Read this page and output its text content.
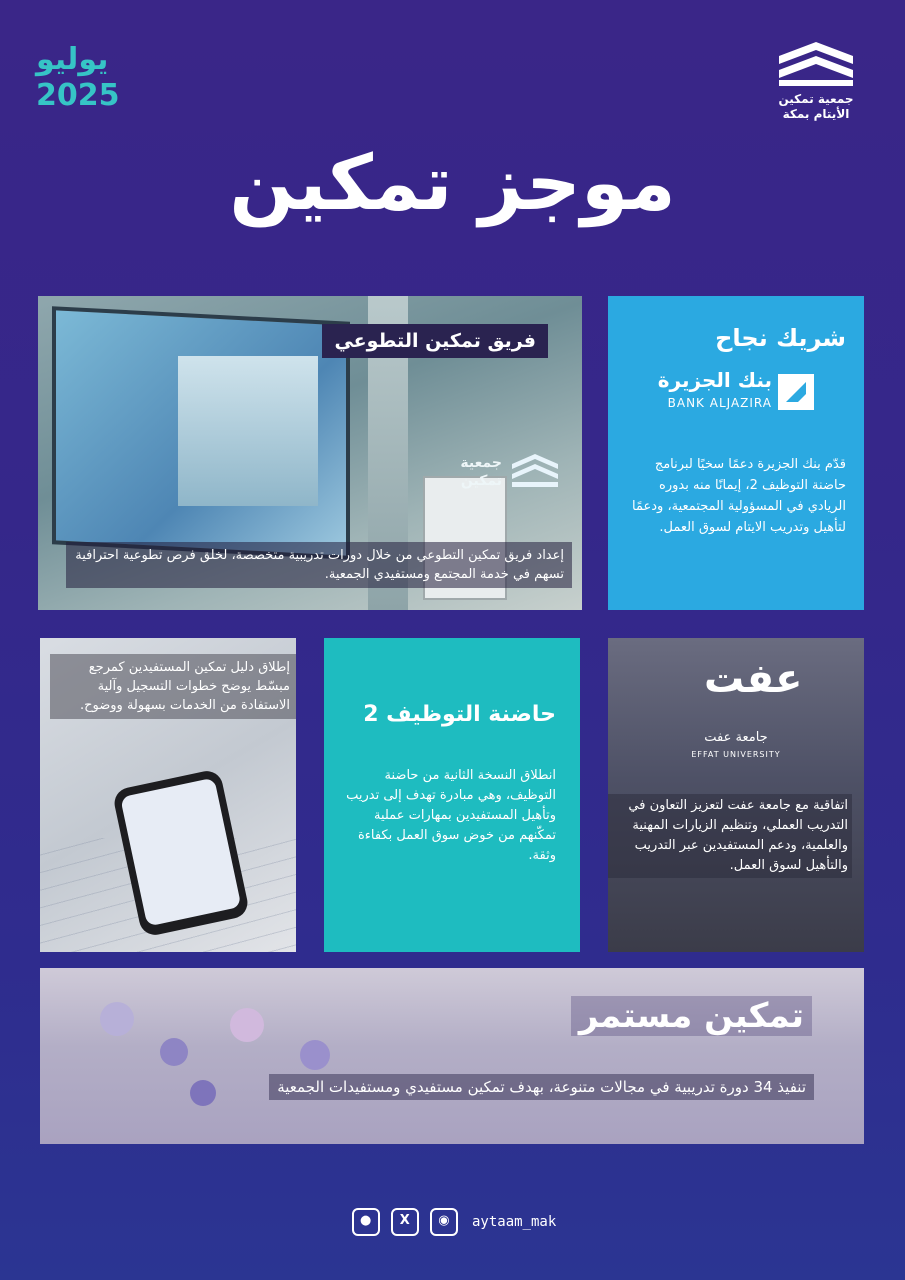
يوليو
2025	جمعية تمكين
الأيتام بمكة
موجز تمكين
فريق تمكين التطوعي
جمعية
تمكين
إعداد فريق تمكين التطوعي من خلال دورات تدريبية متخصصة، لخلق فرص تطوعية احترافية تسهم في خدمة المجتمع ومستفيدي الجمعية.
شريك نجاح
بنك الجزيرة
BANK ALJAZIRA
قدّم بنك الجزيرة دعمًا سخيًا لبرنامج حاضنة التوظيف 2، إيمانًا منه بدوره الريادي في المسؤولية المجتمعية، ودعمًا لتأهيل وتدريب الايتام لسوق العمل.
إطلاق دليل تمكين المستفيدين كمرجع مبسّط يوضح خطوات التسجيل وآلية الاستفادة من الخدمات بسهولة ووضوح.	حاضنة التوظيف 2
انطلاق النسخة الثانية من حاضنة التوظيف، وهي مبادرة تهدف إلى تدريب وتأهيل المستفيدين بمهارات عملية تمكّنهم من خوض سوق العمل بكفاءة وثقة.
عفت
جامعة عفت
EFFAT UNIVERSITY
اتفاقية مع جامعة عفت لتعزيز التعاون في التدريب العملي، وتنظيم الزيارات المهنية والعلمية، ودعم المستفيدين عبر التدريب والتأهيل لسوق العمل.
تمكين مستمر
تنفيذ 34 دورة تدريبية في مجالات متنوعة، بهدف تمكين مستفيدي ومستفيدات الجمعية
● X ◉ aytaam_mak
